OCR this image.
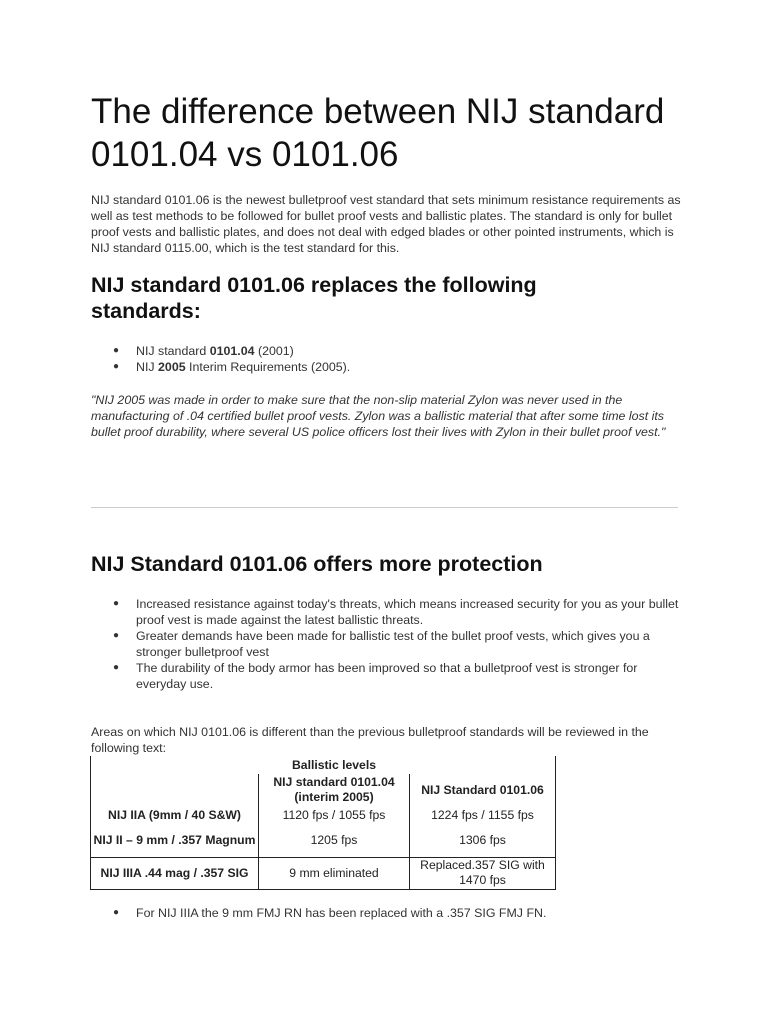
The difference between NIJ standard 0101.04 vs 0101.06

NIJ standard 0101.06 is the newest bulletproof vest standard that sets minimum resistance requirements as well as test methods to be followed for bullet proof vests and ballistic plates. The standard is only for bullet proof vests and ballistic plates, and does not deal with edged blades or other pointed instruments, which is NIJ standard 0115.00, which is the test standard for this.

NIJ standard 0101.06 replaces the following standards:
● NIJ standard 0101.04 (2001)
● NIJ 2005 Interim Requirements (2005).

"NIJ 2005 was made in order to make sure that the non-slip material Zylon was never used in the manufacturing of .04 certified bullet proof vests. Zylon was a ballistic material that after some time lost its bullet proof durability, where several US police officers lost their lives with Zylon in their bullet proof vest."

NIJ Standard 0101.06 offers more protection
● Increased resistance against today's threats, which means increased security for you as your bullet proof vest is made against the latest ballistic threats.
● Greater demands have been made for ballistic test of the bullet proof vests, which gives you a stronger bulletproof vest
● The durability of the body armor has been improved so that a bulletproof vest is stronger for everyday use.

Areas on which NIJ 0101.06 is different than the previous bulletproof standards will be reviewed in the following text:

	Ballistic levels	
	NIJ standard 0101.04 (interim 2005)	NIJ Standard 0101.06
NIJ IIA (9mm / 40 S&W)	1120 fps / 1055 fps	1224 fps / 1155 fps
NIJ II – 9 mm / .357 Magnum	1205 fps	1306 fps
NIJ IIIA .44 mag / .357 SIG	9 mm eliminated	Replaced.357 SIG with 1470 fps
● For NIJ IIIA the 9 mm FMJ RN has been replaced with a .357 SIG FMJ FN.
